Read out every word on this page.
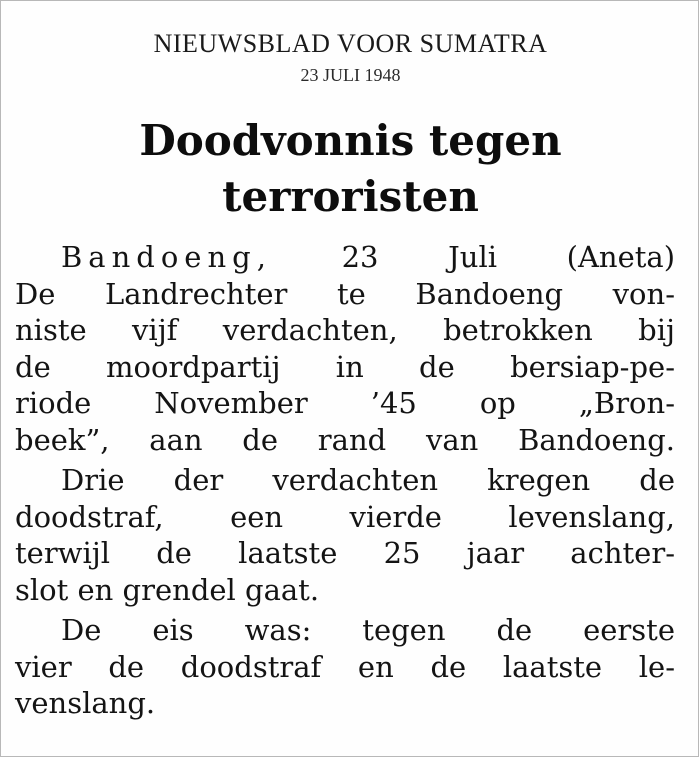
NIEUWSBLAD VOOR SUMATRA
23 JULI 1948
Doodvonnis tegen
terroristen
Bandoeng, 23 Juli (Aneta)
De Landrechter te Bandoeng von-
niste vijf verdachten, betrokken bij
de moordpartij in de bersiap-pe-
riode November ’45 op „Bron-
beek”, aan de rand van Bandoeng.
Drie der verdachten kregen de
doodstraf, een vierde levenslang,
terwijl de laatste 25 jaar achter-
slot en grendel gaat.
De eis was: tegen de eerste
vier de doodstraf en de laatste le-
venslang.
